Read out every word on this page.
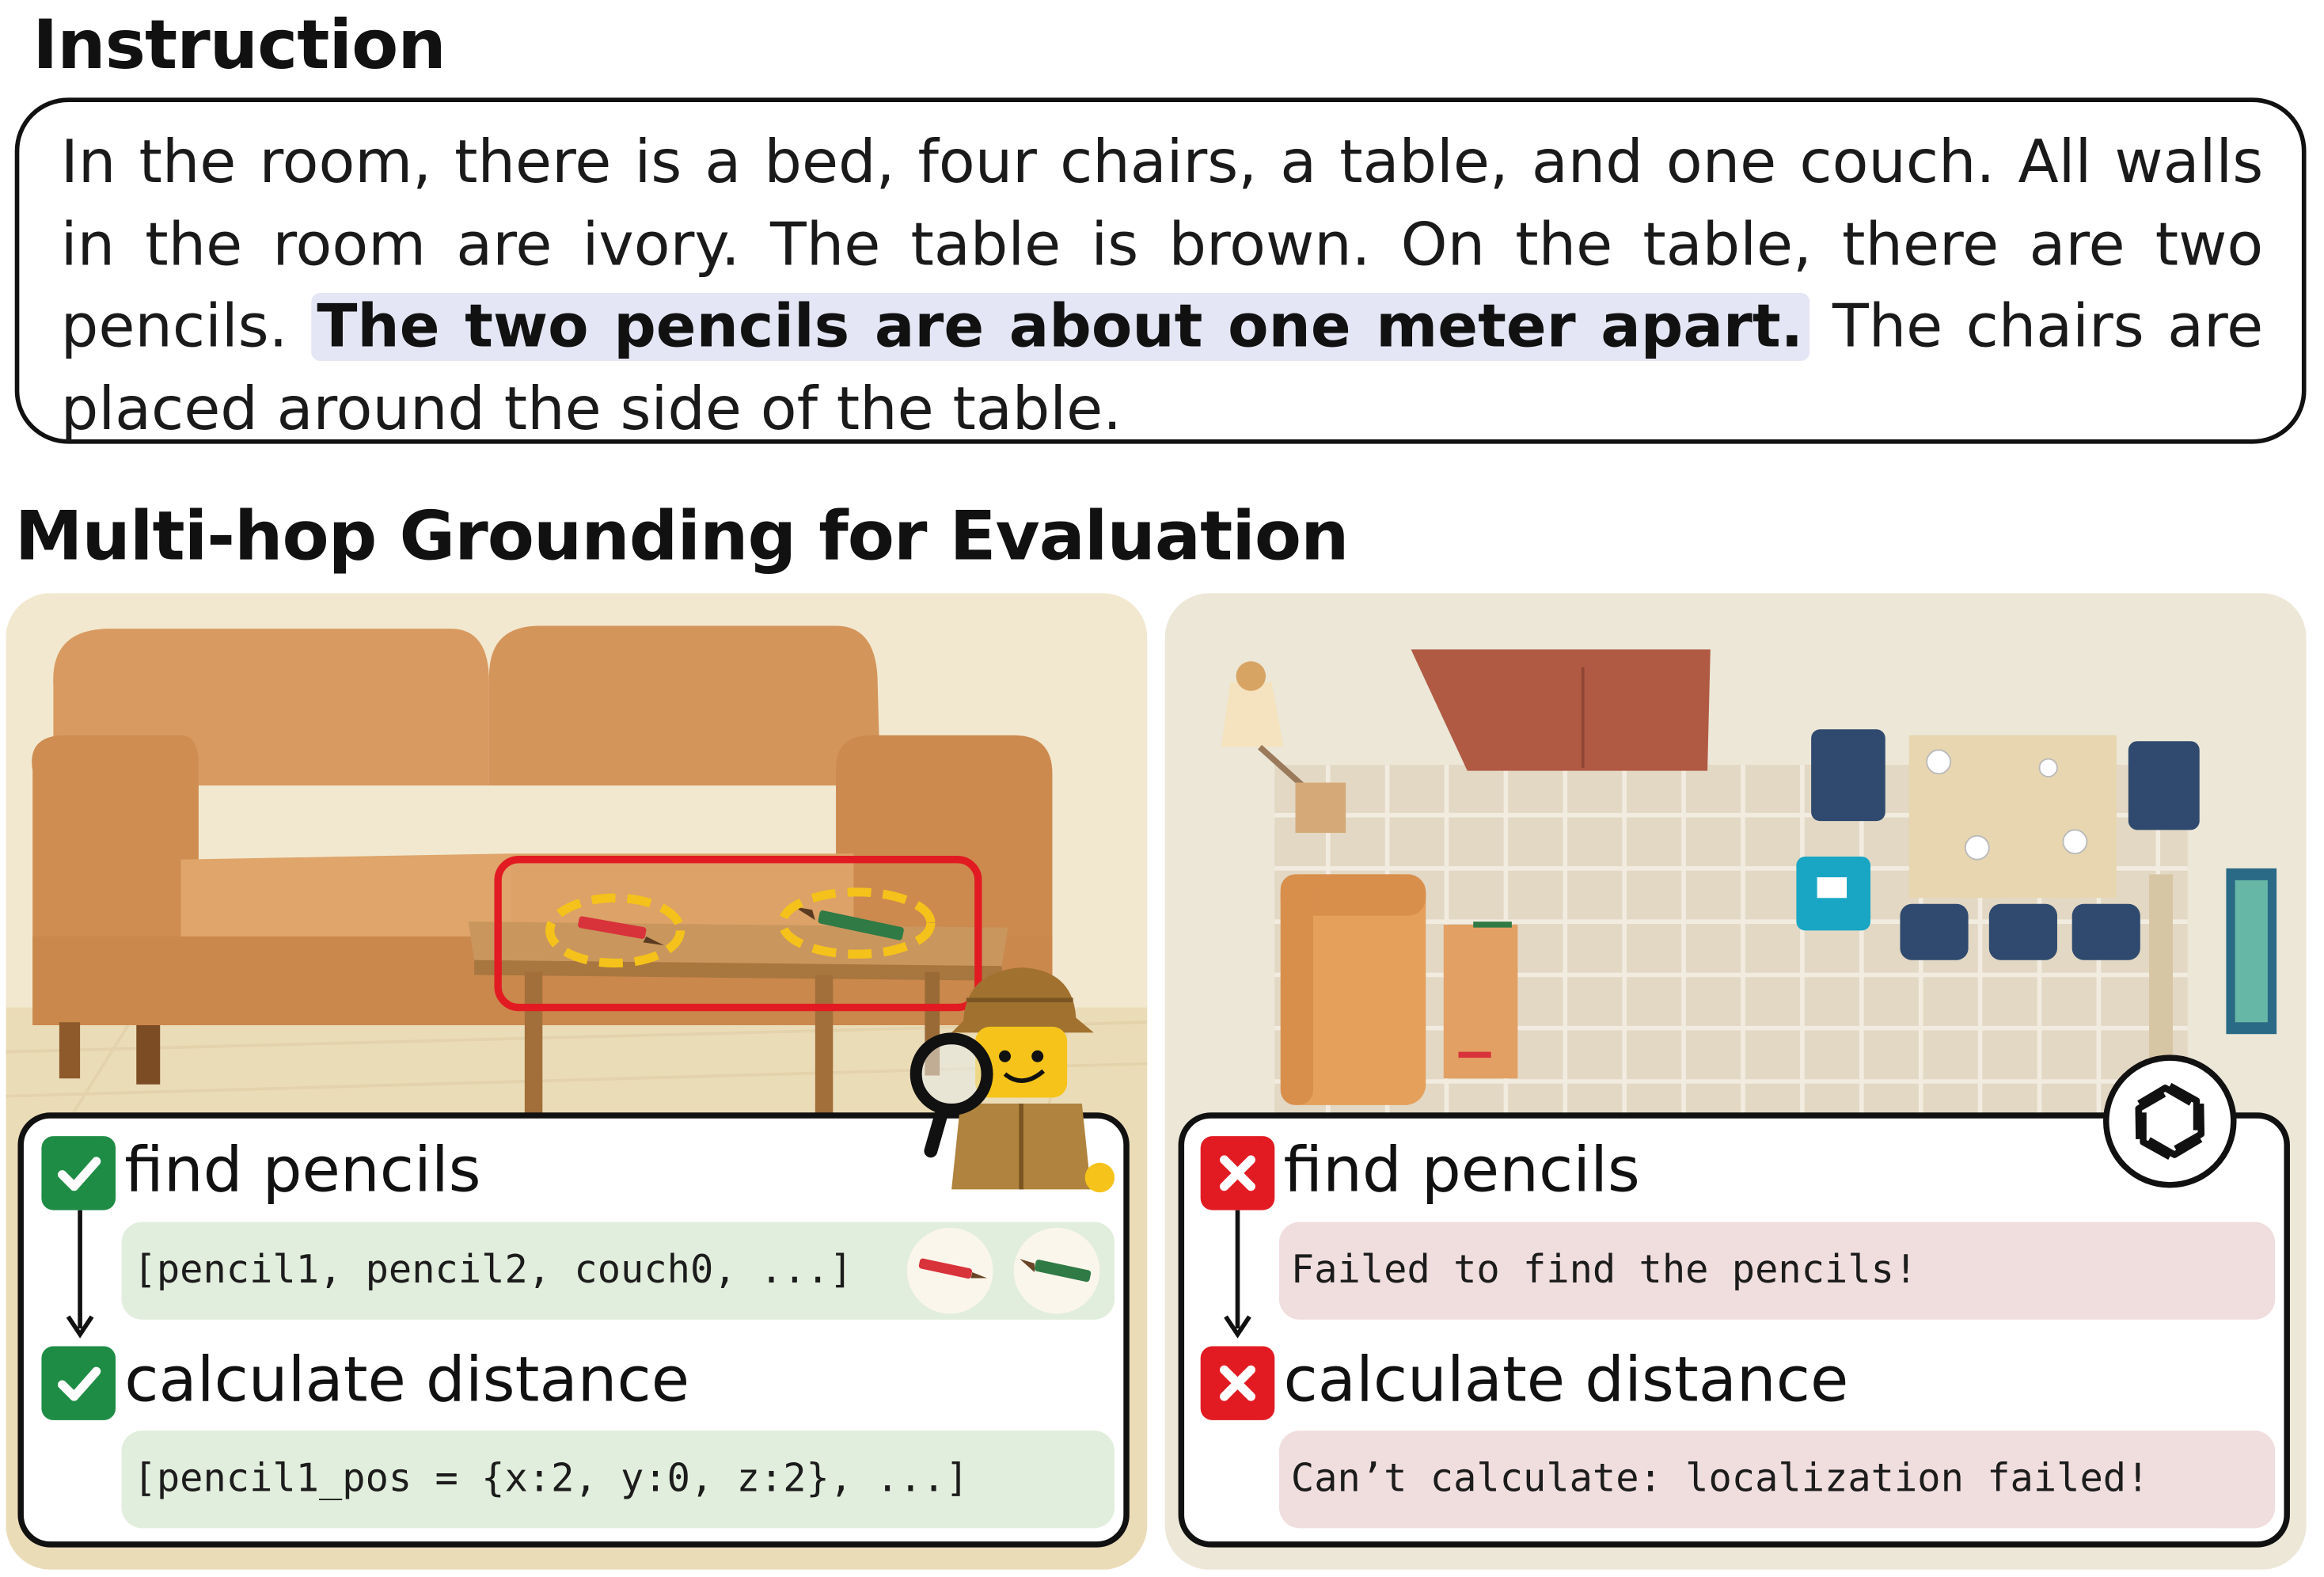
Instruction
In the room, there is a bed, four chairs, a table, and one couch. All walls in the room are ivory. The table is brown. On the table, there are two pencils. The two pencils are about one meter apart. The chairs are placed around the side of the table.
Multi-hop Grounding for Evaluation

find pencils

[pencil1, pencil2, couch0, ...]

calculate distance

[pencil1_pos = {x:2, y:0, z:2}, ...]

find pencils

Failed to find the pencils!

calculate distance

Can’t calculate: localization failed!
